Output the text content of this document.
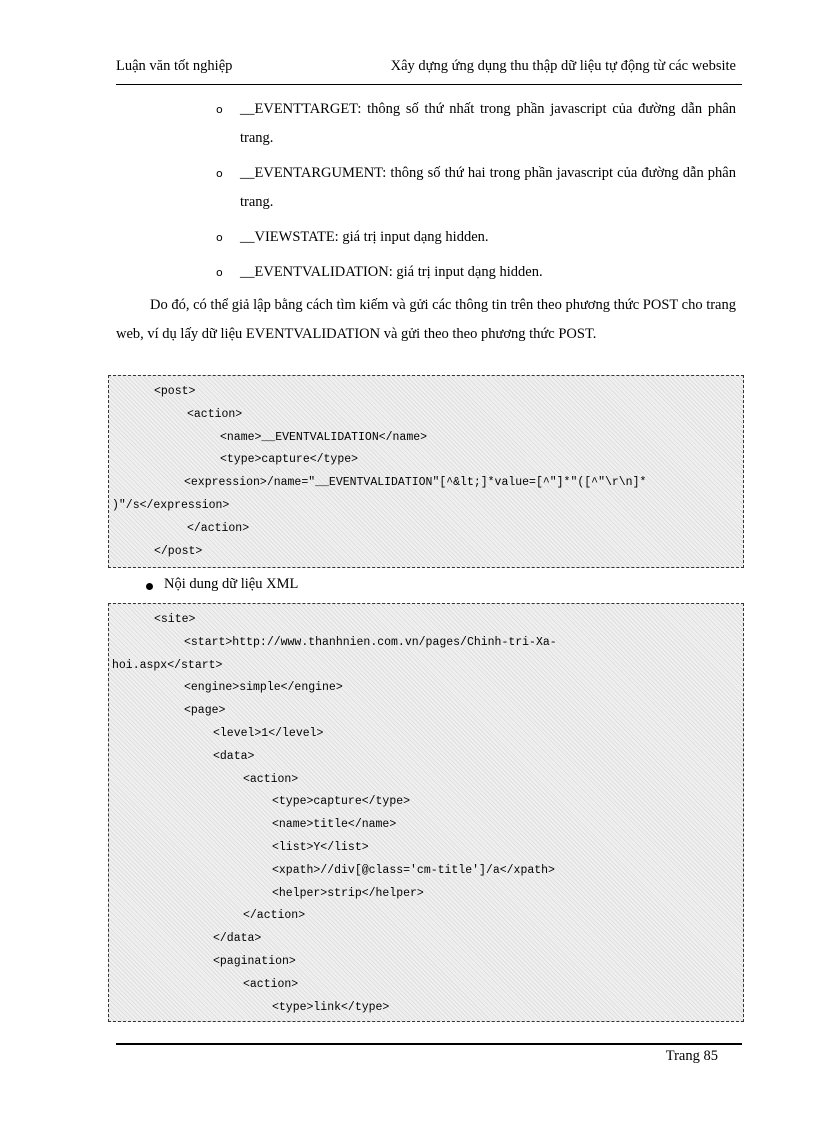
Luận văn tốt nghiệp	Xây dựng ứng dụng thu thập dữ liệu tự động từ các website
o __EVENTTARGET: thông số thứ nhất trong phần javascript của đường dẫn phân trang.
o __EVENTARGUMENT: thông số thứ hai trong phần javascript của đường dẫn phân trang.
o __VIEWSTATE: giá trị input dạng hidden.
o __EVENTVALIDATION: giá trị input dạng hidden.
Do đó, có thể giả lập bằng cách tìm kiếm và gửi các thông tin trên theo phương thức POST cho trang web, ví dụ lấy dữ liệu EVENTVALIDATION và gửi theo theo phương thức POST.
<post>
<action>
<name>__EVENTVALIDATION</name>
<type>capture</type>
<expression>/name="__EVENTVALIDATION"[^&lt;]*value=[^"]*"([^"\r\n]*
)"/s</expression>
</action>
</post>
Nội dung dữ liệu XML
<site>
<start>http://www.thanhnien.com.vn/pages/Chinh-tri-Xa-
hoi.aspx</start>
<engine>simple</engine>
<page>
<level>1</level>
<data>
<action>
<type>capture</type>
<name>title</name>
<list>Y</list>
<xpath>//div[@class='cm-title']/a</xpath>
<helper>strip</helper>
</action>
</data>
<pagination>
<action>
<type>link</type>
Trang 85
